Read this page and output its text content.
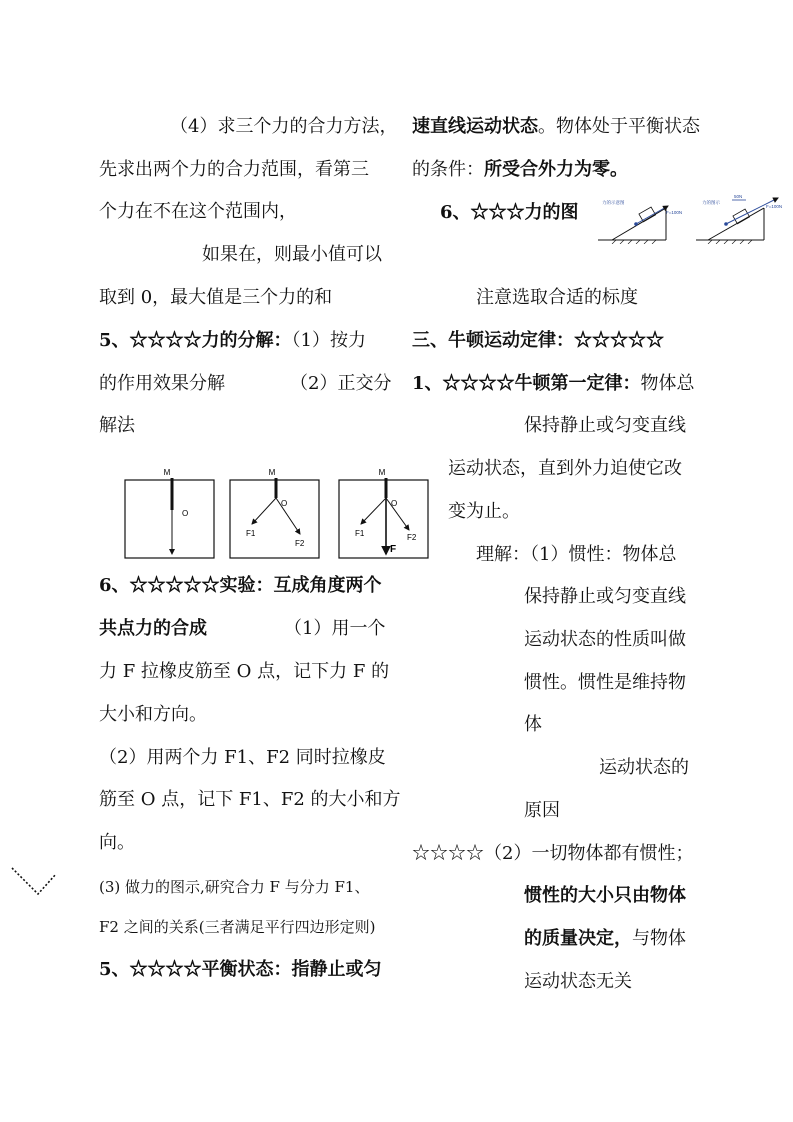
（4）求三个力的合力方法，
先求出两个力的合力范围，看第三
个力在不在这个范围内，
如果在，则最小值可以
取到 0，最大值是三个力的和
5、☆☆☆☆力的分解：（1）按力
的作用效果分解	（2）正交分
解法
M
O
M
O
F1
F2
M
O
F1	F2
F
6、☆☆☆☆☆实验：互成角度两个
共点力的合成	（1）用一个
力 F 拉橡皮筋至 O 点，记下力 F 的
大小和方向。
（2）用两个力 F1、F2 同时拉橡皮
筋至 O 点，记下 F1、F2 的大小和方
向。
(3) 做力的图示,研究合力 F 与分力 F1、
F2 之间的关系(三者满足平行四边形定则)
5、☆☆☆☆平衡状态：指静止或匀
速直线运动状态。物体处于平衡状态
的条件：所受合外力为零。
6、☆☆☆力的图	力的示意图
F=100N
50N
力的图示
F=100N
注意选取合适的标度
三、牛顿运动定律：☆☆☆☆☆
1、☆☆☆☆牛顿第一定律：物体总
保持静止或匀变直线
运动状态，直到外力迫使它改
变为止。
理解：（1）惯性：物体总
保持静止或匀变直线
运动状态的性质叫做
惯性。惯性是维持物
体
运动状态的
原因
☆☆☆☆（2）一切物体都有惯性；
惯性的大小只由物体
的质量决定，与物体
运动状态无关
